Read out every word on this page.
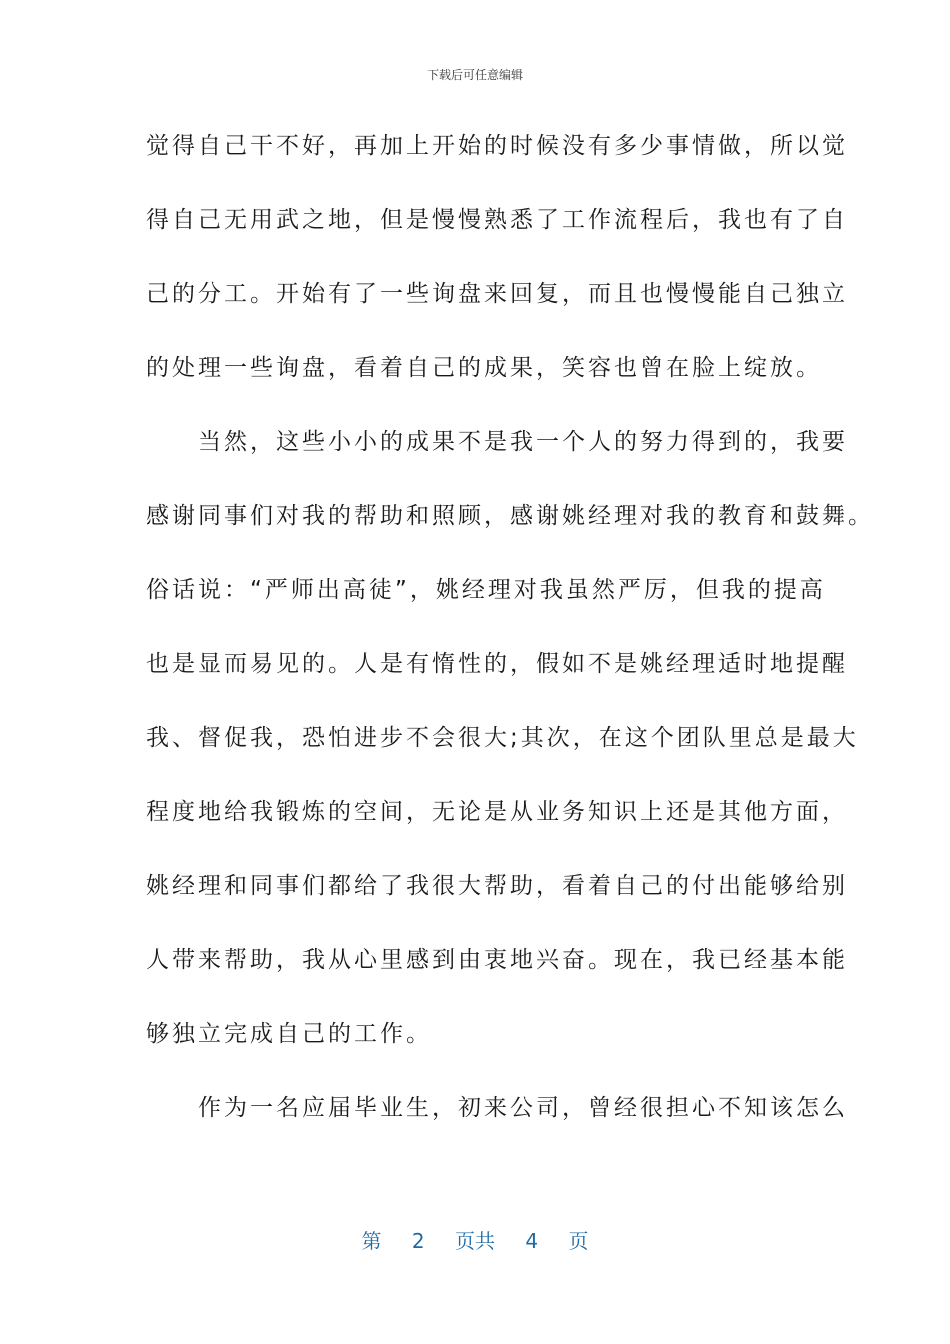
下载后可任意编辑
觉得自己干不好，再加上开始的时候没有多少事情做，所以觉
得自己无用武之地，但是慢慢熟悉了工作流程后，我也有了自
己的分工。开始有了一些询盘来回复，而且也慢慢能自己独立
的处理一些询盘，看着自己的成果，笑容也曾在脸上绽放。
　　当然，这些小小的成果不是我一个人的努力得到的，我要
感谢同事们对我的帮助和照顾，感谢姚经理对我的教育和鼓舞。
俗话说：“严师出高徒”，姚经理对我虽然严厉，但我的提高
也是显而易见的。人是有惰性的，假如不是姚经理适时地提醒
我、督促我，恐怕进步不会很大;其次，在这个团队里总是最大
程度地给我锻炼的空间，无论是从业务知识上还是其他方面，
姚经理和同事们都给了我很大帮助，看着自己的付出能够给别
人带来帮助，我从心里感到由衷地兴奋。现在，我已经基本能
够独立完成自己的工作。
　　作为一名应届毕业生，初来公司，曾经很担心不知该怎么
第 2 页共 4 页
